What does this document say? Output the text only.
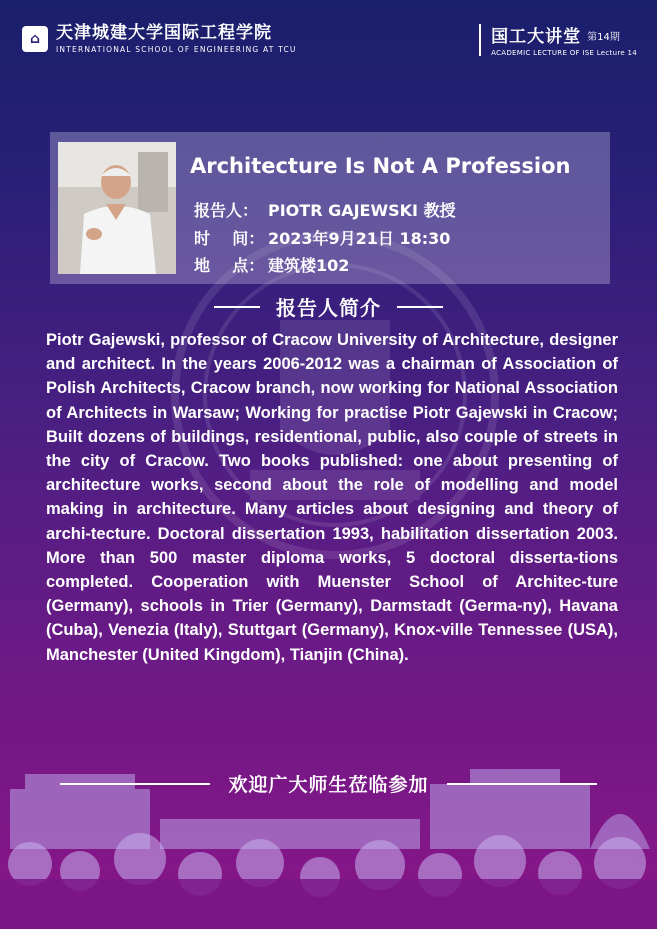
⌂ 天津城建大学国际工程学院
INTERNATIONAL SCHOOL OF ENGINEERING AT TCU
国工大讲堂 第14期
ACADEMIC LECTURE OF ISE Lecture 14
Architecture Is Not A Profession
报告人： PIOTR GAJEWSKI 教授
时    间： 2023年9月21日 18:30
地    点： 建筑楼102
报告人简介
Piotr Gajewski, professor of Cracow University of Architecture, designer and architect. In the years 2006-2012 was a chairman of Association of Polish Architects, Cracow branch, now working for National Association of Architects in Warsaw; Working for practise Piotr Gajewski in Cracow; Built dozens of buildings, residentional, public, also couple of streets in the city of Cracow. Two books published: one about presenting of architecture works, second about the role of modelling and model making in architecture. Many articles about designing and theory of archi-tecture. Doctoral dissertation 1993, habilitation dissertation 2003. More than 500 master diploma works, 5 doctoral disserta-tions completed. Cooperation with Muenster School of Architec-ture (Germany), schools in Trier (Germany), Darmstadt (Germa-ny), Havana (Cuba), Venezia (Italy), Stuttgart (Germany), Knox-ville Tennessee (USA), Manchester (United Kingdom), Tianjin (China).
欢迎广大师生莅临参加
